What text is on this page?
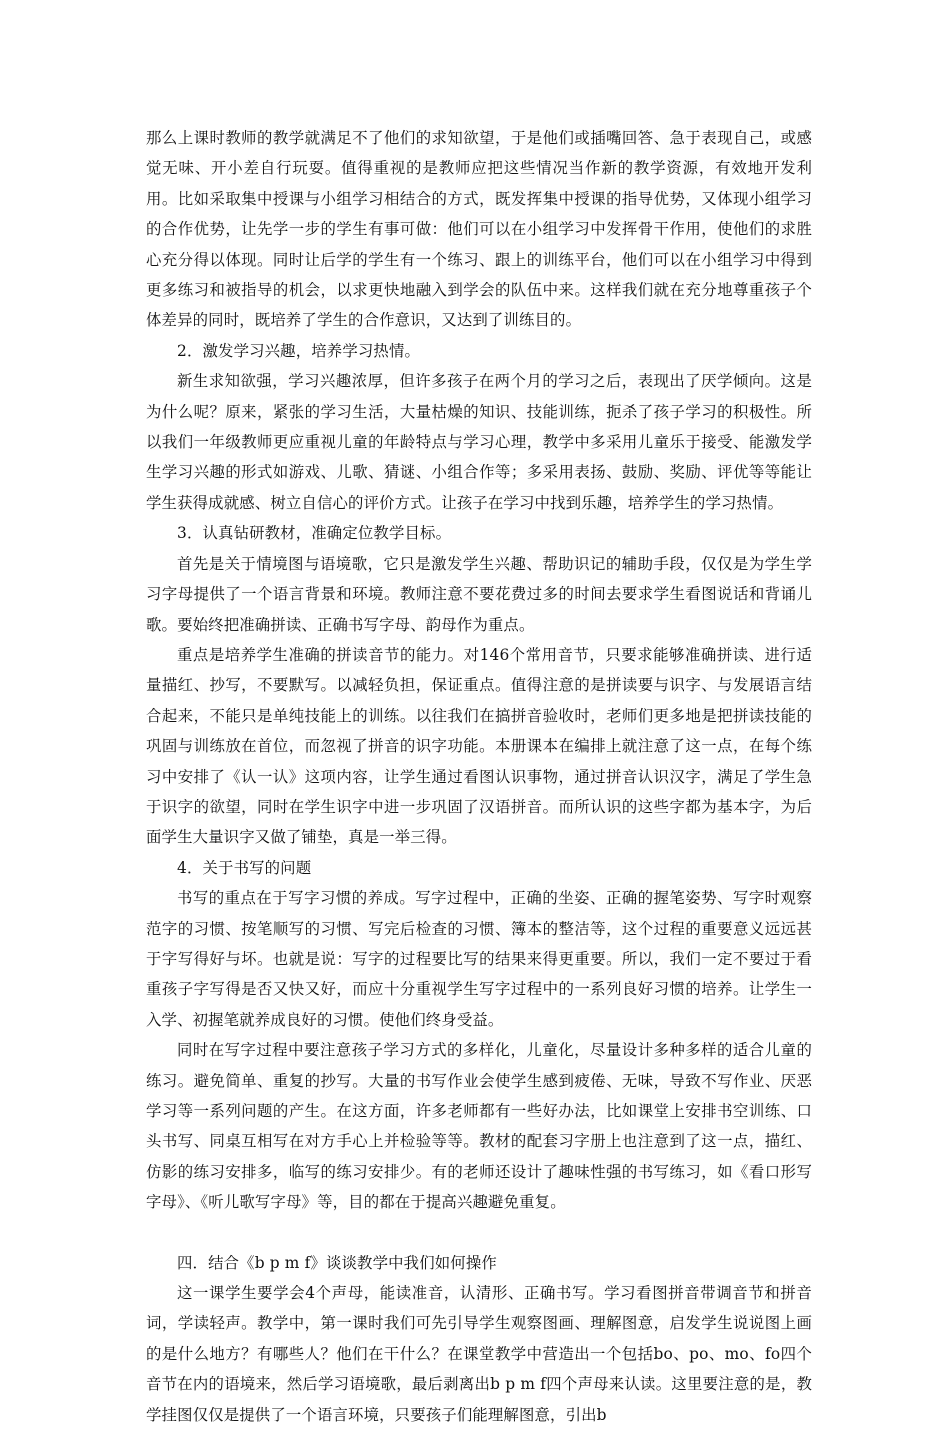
那么上课时教师的教学就满足不了他们的求知欲望，于是他们或插嘴回答、急于表现自己，或感觉无味、开小差自行玩耍。值得重视的是教师应把这些情况当作新的教学资源，有效地开发利用。比如采取集中授课与小组学习相结合的方式，既发挥集中授课的指导优势，又体现小组学习的合作优势，让先学一步的学生有事可做：他们可以在小组学习中发挥骨干作用，使他们的求胜心充分得以体现。同时让后学的学生有一个练习、跟上的训练平台，他们可以在小组学习中得到更多练习和被指导的机会，以求更快地融入到学会的队伍中来。这样我们就在充分地尊重孩子个体差异的同时，既培养了学生的合作意识，又达到了训练目的。

2．激发学习兴趣，培养学习热情。

新生求知欲强，学习兴趣浓厚，但许多孩子在两个月的学习之后，表现出了厌学倾向。这是为什么呢？原来，紧张的学习生活，大量枯燥的知识、技能训练，扼杀了孩子学习的积极性。所以我们一年级教师更应重视儿童的年龄特点与学习心理，教学中多采用儿童乐于接受、能激发学生学习兴趣的形式如游戏、儿歌、猜谜、小组合作等；多采用表扬、鼓励、奖励、评优等等能让学生获得成就感、树立自信心的评价方式。让孩子在学习中找到乐趣，培养学生的学习热情。

3．认真钻研教材，准确定位教学目标。

首先是关于情境图与语境歌，它只是激发学生兴趣、帮助识记的辅助手段，仅仅是为学生学习字母提供了一个语言背景和环境。教师注意不要花费过多的时间去要求学生看图说话和背诵儿歌。要始终把准确拼读、正确书写字母、韵母作为重点。

重点是培养学生准确的拼读音节的能力。对146个常用音节，只要求能够准确拼读、进行适量描红、抄写，不要默写。以减轻负担，保证重点。值得注意的是拼读要与识字、与发展语言结合起来，不能只是单纯技能上的训练。以往我们在搞拼音验收时，老师们更多地是把拼读技能的巩固与训练放在首位，而忽视了拼音的识字功能。本册课本在编排上就注意了这一点，在每个练习中安排了《认一认》这项内容，让学生通过看图认识事物，通过拼音认识汉字，满足了学生急于识字的欲望，同时在学生识字中进一步巩固了汉语拼音。而所认识的这些字都为基本字，为后面学生大量识字又做了铺垫，真是一举三得。

4．关于书写的问题

书写的重点在于写字习惯的养成。写字过程中，正确的坐姿、正确的握笔姿势、写字时观察范字的习惯、按笔顺写的习惯、写完后检查的习惯、簿本的整洁等，这个过程的重要意义远远甚于字写得好与坏。也就是说：写字的过程要比写的结果来得更重要。所以，我们一定不要过于看重孩子字写得是否又快又好，而应十分重视学生写字过程中的一系列良好习惯的培养。让学生一入学、初握笔就养成良好的习惯。使他们终身受益。

同时在写字过程中要注意孩子学习方式的多样化，儿童化，尽量设计多种多样的适合儿童的练习。避免简单、重复的抄写。大量的书写作业会使学生感到疲倦、无味，导致不写作业、厌恶学习等一系列问题的产生。在这方面，许多老师都有一些好办法，比如课堂上安排书空训练、口头书写、同桌互相写在对方手心上并检验等等。教材的配套习字册上也注意到了这一点，描红、仿影的练习安排多，临写的练习安排少。有的老师还设计了趣味性强的书写练习，如《看口形写字母》、《听儿歌写字母》等，目的都在于提高兴趣避免重复。

四．结合《b p m f》谈谈教学中我们如何操作

这一课学生要学会4个声母，能读准音，认清形、正确书写。学习看图拼音带调音节和拼音词，学读轻声。教学中，第一课时我们可先引导学生观察图画、理解图意，启发学生说说图上画的是什么地方？有哪些人？他们在干什么？在课堂教学中营造出一个包括bo、po、mo、fo四个音节在内的语境来，然后学习语境歌，最后剥离出b p m f四个声母来认读。这里要注意的是，教学挂图仅仅是提供了一个语言环境，只要孩子们能理解图意，引出b
